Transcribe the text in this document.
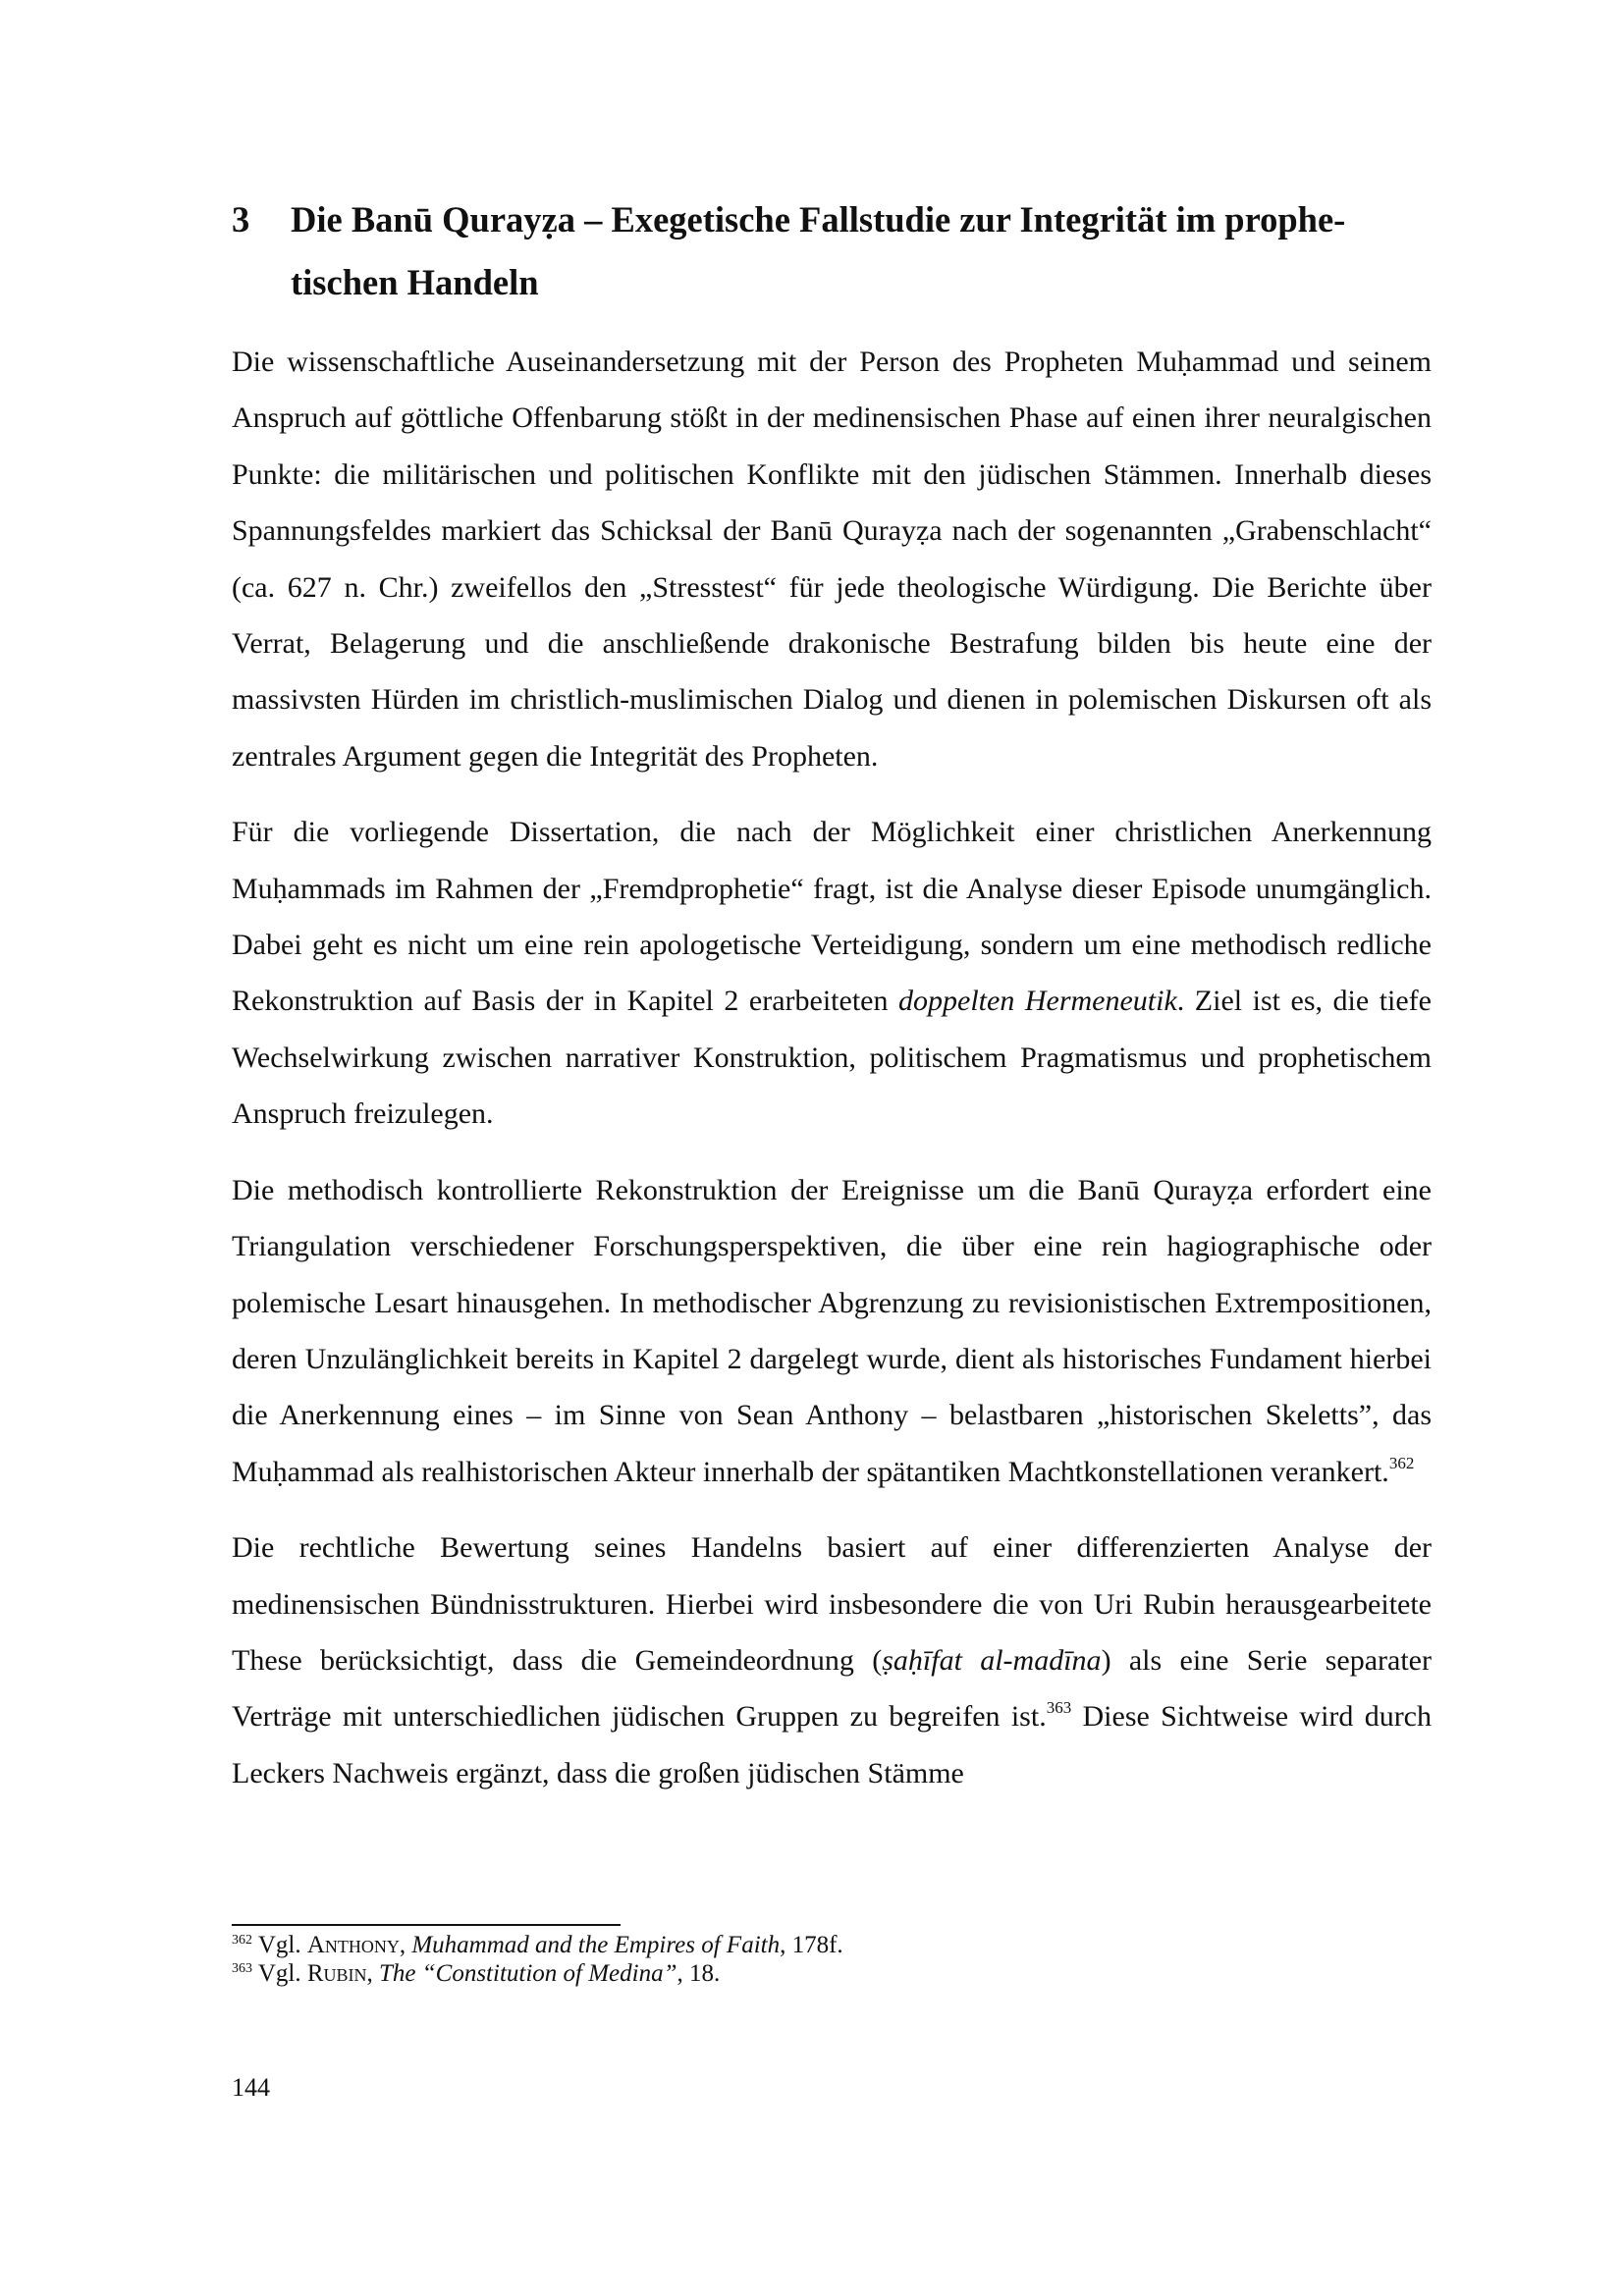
3	Die Banū Qurayẓa – Exegetische Fallstudie zur Integrität im prophetischen Handeln

Die wissenschaftliche Auseinandersetzung mit der Person des Propheten Muḥammad und seinem Anspruch auf göttliche Offenbarung stößt in der medinensischen Phase auf einen ihrer neuralgischen Punkte: die militärischen und politischen Konflikte mit den jüdischen Stämmen. Innerhalb dieses Spannungsfeldes markiert das Schicksal der Banū Qurayẓa nach der sogenannten „Grabenschlacht“ (ca. 627 n. Chr.) zweifellos den „Stresstest“ für jede theologische Würdigung. Die Berichte über Verrat, Belagerung und die anschließende drakonische Bestrafung bilden bis heute eine der massivsten Hürden im christlich-muslimischen Dialog und dienen in polemischen Diskursen oft als zentrales Argument gegen die Integrität des Propheten.

Für die vorliegende Dissertation, die nach der Möglichkeit einer christlichen Anerkennung Muḥammads im Rahmen der „Fremdprophetie“ fragt, ist die Analyse dieser Episode unumgänglich. Dabei geht es nicht um eine rein apologetische Verteidigung, sondern um eine methodisch redliche Rekonstruktion auf Basis der in Kapitel 2 erarbeiteten doppelten Hermeneutik. Ziel ist es, die tiefe Wechselwirkung zwischen narrativer Konstruktion, politischem Pragmatismus und prophetischem Anspruch freizulegen.

Die methodisch kontrollierte Rekonstruktion der Ereignisse um die Banū Qurayẓa erfordert eine Triangulation verschiedener Forschungsperspektiven, die über eine rein hagiographische oder polemische Lesart hinausgehen. In methodischer Abgrenzung zu revisionistischen Extrempositionen, deren Unzulänglichkeit bereits in Kapitel 2 dargelegt wurde, dient als historisches Fundament hierbei die Anerkennung eines – im Sinne von Sean Anthony – belastbaren „historischen Skeletts”, das Muḥammad als realhistorischen Akteur innerhalb der spätantiken Machtkonstellationen verankert.$^{362}$

Die rechtliche Bewertung seines Handelns basiert auf einer differenzierten Analyse der medinensischen Bündnisstrukturen. Hierbei wird insbesondere die von Uri Rubin herausgearbeitete These berücksichtigt, dass die Gemeindeordnung (ṣaḥīfat al-madīna) als eine Serie separater Verträge mit unterschiedlichen jüdischen Gruppen zu begreifen ist.$^{363}$ Diese Sichtweise wird durch Leckers Nachweis ergänzt, dass die großen jüdischen Stämme

$^{362}$ Vgl. Anthony, Muhammad and the Empires of Faith, 178f.
$^{363}$ Vgl. Rubin, The “Constitution of Medina”, 18.
144
